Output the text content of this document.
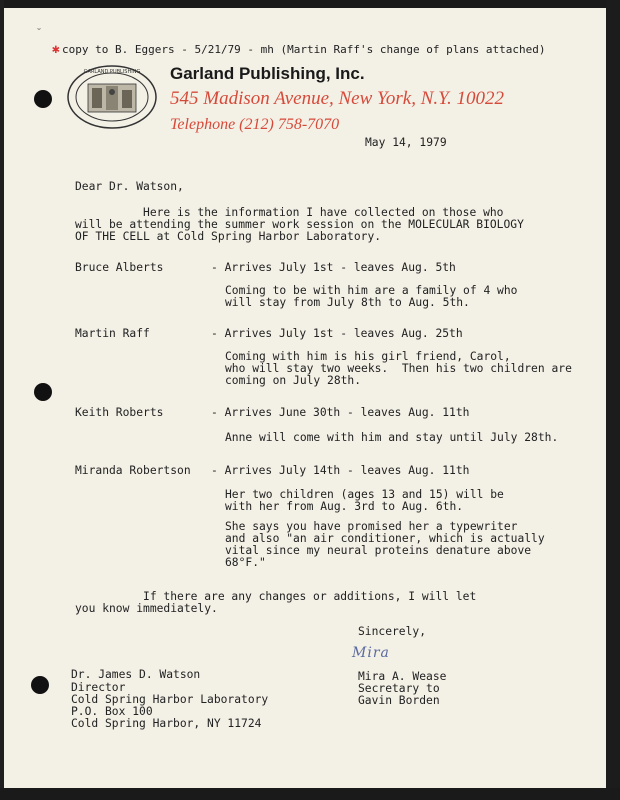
˘
✱ copy to B. Eggers - 5/21/79 - mh (Martin Raff's change of plans attached)
GARLAND PUBLISHING Garland Publishing, Inc.
545 Madison Avenue, New York, N.Y. 10022
Telephone (212) 758-7070
May 14, 1979
Dear Dr. Watson,
Here is the information I have collected on those who
will be attending the summer work session on the MOLECULAR BIOLOGY
OF THE CELL at Cold Spring Harbor Laboratory.
Bruce Alberts	- Arrives July 1st - leaves Aug. 5th
Coming to be with him are a family of 4 who
will stay from July 8th to Aug. 5th.
Martin Raff	- Arrives July 1st - leaves Aug. 25th
Coming with him is his girl friend, Carol,
who will stay two weeks.  Then his two children are
coming on July 28th.
Keith Roberts	- Arrives June 30th - leaves Aug. 11th
Anne will come with him and stay until July 28th.
Miranda Robertson - Arrives July 14th - leaves Aug. 11th
Her two children (ages 13 and 15) will be
with her from Aug. 3rd to Aug. 6th.
She says you have promised her a typewriter
and also "an air conditioner, which is actually
vital since my neural proteins denature above
68°F."
If there are any changes or additions, I will let
you know immediately.
Sincerely,
Mira
Mira A. Wease
Secretary to
Gavin Borden
Dr. James D. Watson
Director
Cold Spring Harbor Laboratory
P.O. Box 100
Cold Spring Harbor, NY 11724
